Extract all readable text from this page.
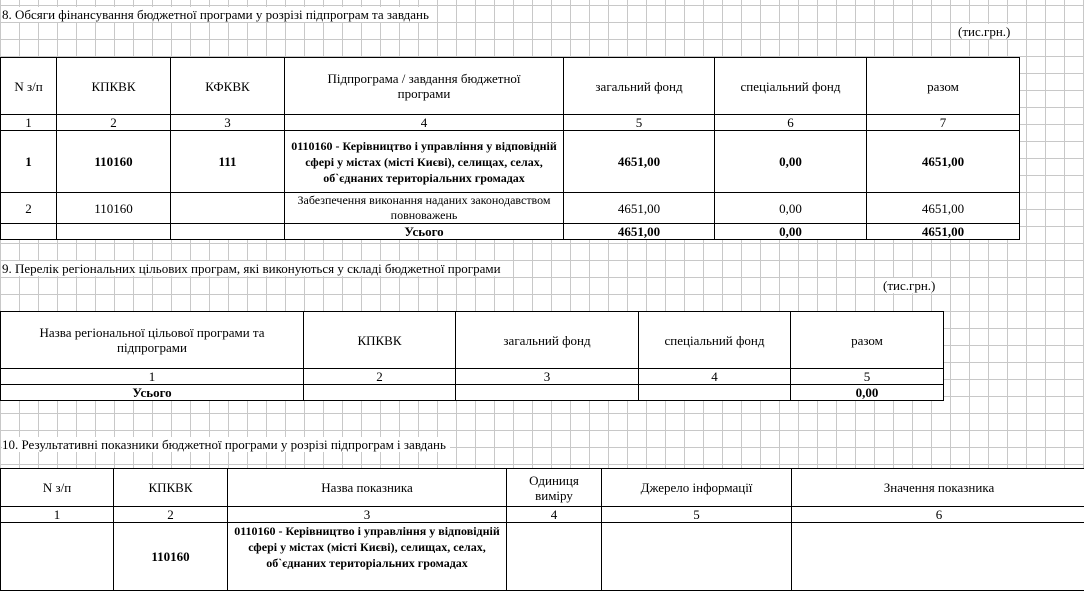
8. Обсяги фінансування бюджетної програми у розрізі підпрограм та завдань
(тис.грн.)
N з/п	КПКВК	КФКВК	Підпрограма / завдання бюджетної програми	загальний фонд	спеціальний фонд	разом
1	2	3	4	5	6	7
1	110160	111	0110160 - Керівництво і управління у відповідній сфері у містах (місті Києві), селищах, селах, об`єднаних територіальних громадах	4651,00	0,00	4651,00
2	110160		Забезпечення виконання наданих законодавством повноважень	4651,00	0,00	4651,00
			Усього	4651,00	0,00	4651,00
9. Перелік регіональних цільових програм, які виконуються у складі бюджетної програми
(тис.грн.)
Назва регіональної цільової програми та підпрограми	КПКВК	загальний фонд	спеціальний фонд	разом
1	2	3	4	5
Усього				0,00
10. Результативні показники бюджетної програми у розрізі підпрограм і завдань
N з/п	КПКВК	Назва показника	Одиниця виміру	Джерело інформації	Значення показника
1	2	3	4	5	6
	110160	0110160 - Керівництво і управління у відповідній сфері у містах (місті Києві), селищах, селах, об`єднаних територіальних громадах			
